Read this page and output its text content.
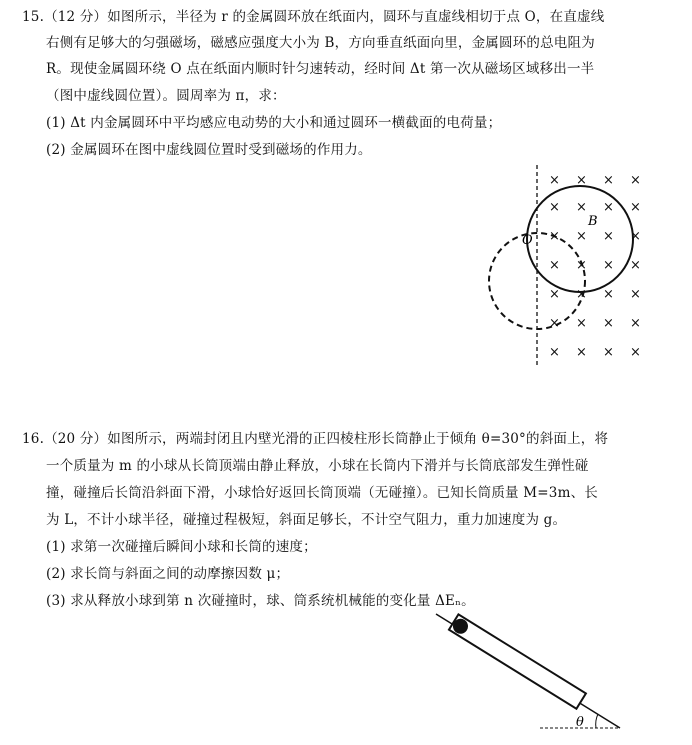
15.（12 分）如图所示，半径为 r 的金属圆环放在纸面内，圆环与直虚线相切于点 O，在直虚线
右侧有足够大的匀强磁场，磁感应强度大小为 B，方向垂直纸面向里，金属圆环的总电阻为
R。现使金属圆环绕 O 点在纸面内顺时针匀速转动，经时间 Δt 第一次从磁场区域移出一半
（图中虚线圆位置）。圆周率为 π，求：
(1) Δt 内金属圆环中平均感应电动势的大小和通过圆环一横截面的电荷量；
(2) 金属圆环在图中虚线圆位置时受到磁场的作用力。
× × × ×
× × × ×
× × × ×
× × × ×
× × × ×
× × × ×
× × × ×
B
O
16.（20 分）如图所示，两端封闭且内壁光滑的正四棱柱形长筒静止于倾角 θ=30°的斜面上，将
一个质量为 m 的小球从长筒顶端由静止释放，小球在长筒内下滑并与长筒底部发生弹性碰
撞，碰撞后长筒沿斜面下滑，小球恰好返回长筒顶端（无碰撞）。已知长筒质量 M=3m、长
为 L，不计小球半径，碰撞过程极短，斜面足够长，不计空气阻力，重力加速度为 g。
(1) 求第一次碰撞后瞬间小球和长筒的速度；
(2) 求长筒与斜面之间的动摩擦因数 μ；
(3) 求从释放小球到第 n 次碰撞时，球、筒系统机械能的变化量 ΔEₙ。
θ
